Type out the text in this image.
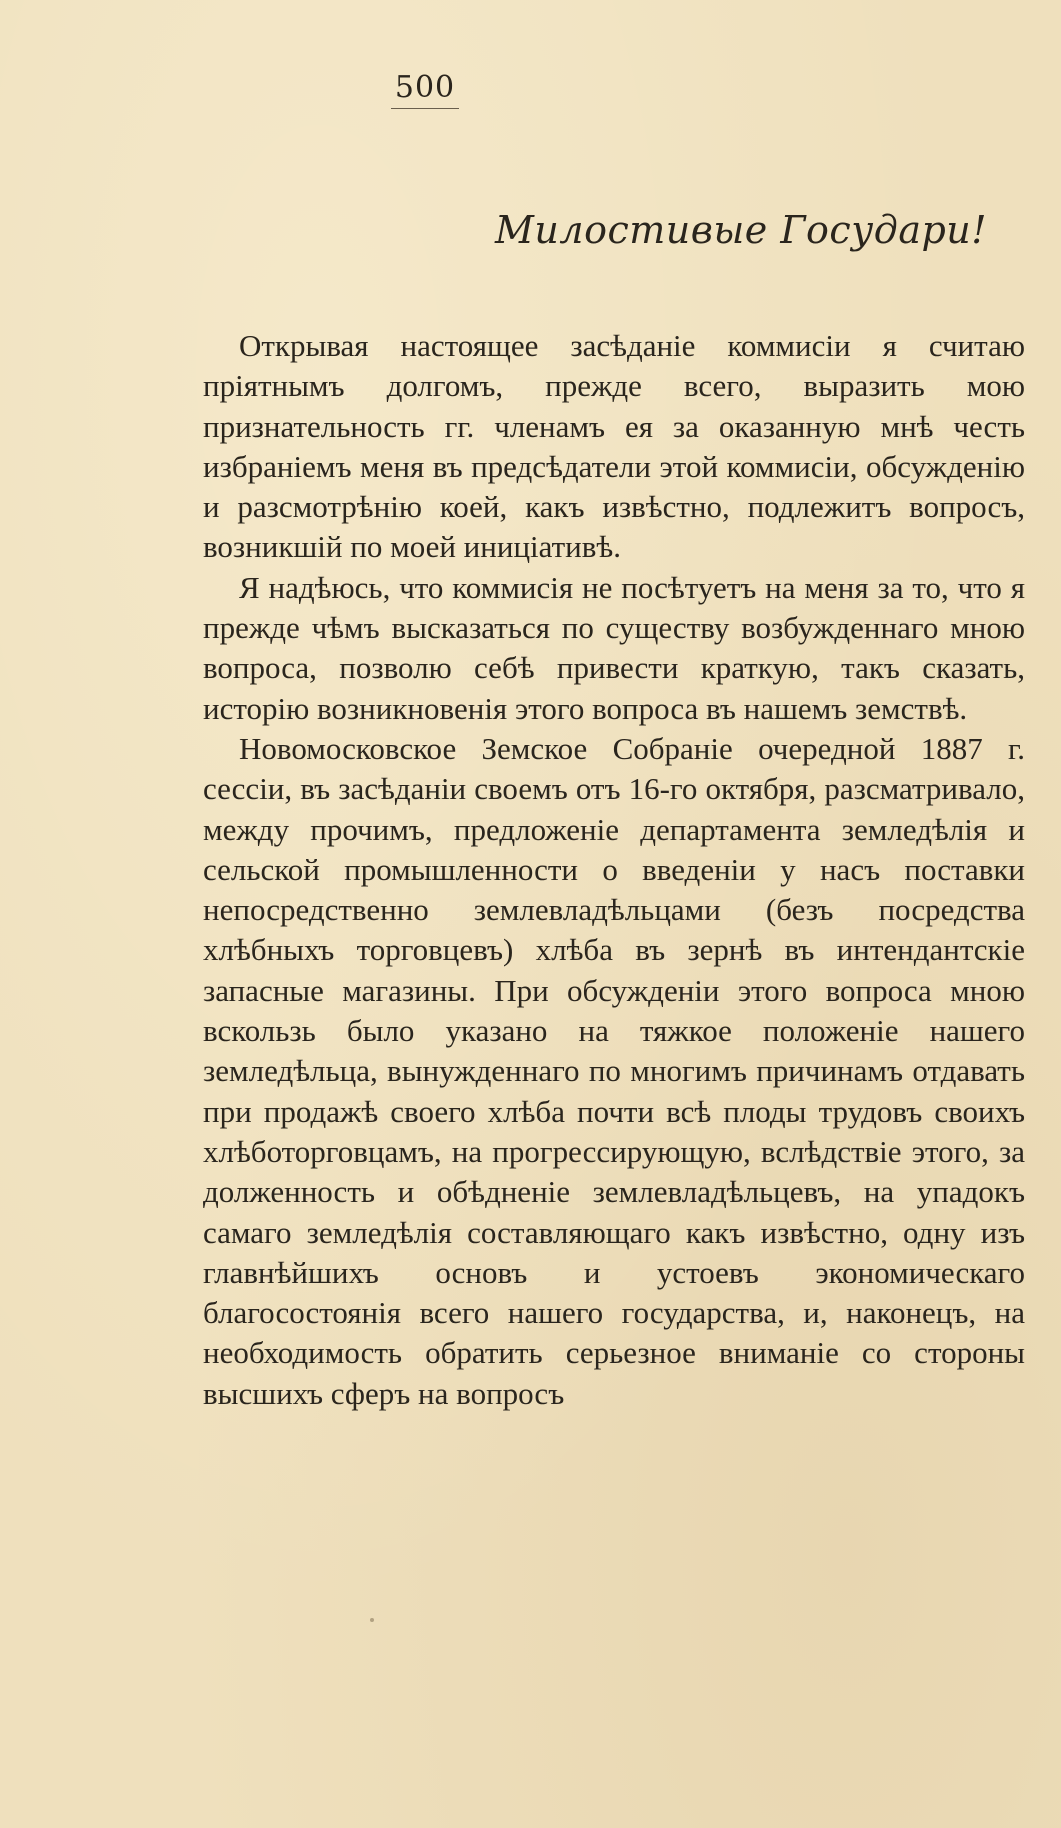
500
Милостивые Государи!

Открывая настоящее засѣданіе коммисіи я считаю пріятнымъ долгомъ, прежде всего, выразить мою признательность гг. членамъ ея за оказанную мнѣ честь избраніемъ меня въ предсѣдатели этой коммисіи, обсужденію и разсмотрѣнію коей, какъ извѣстно, подлежитъ вопросъ, возникшій по моей иниціативѣ.

Я надѣюсь, что коммисія не посѣтуетъ на меня за то, что я прежде чѣмъ высказаться по существу возбужденнаго мною вопроса, позволю себѣ привести краткую, такъ сказать, исторію возникновенія этого вопроса въ нашемъ земствѣ.

Новомосковское Земское Собраніе очередной 1887 г. сессіи, въ засѣданіи своемъ отъ 16-го октября, разсматривало, между прочимъ, предложеніе департамента земледѣлія и сельской промышленности о введеніи у насъ поставки непосредственно землевладѣльцами (безъ посредства хлѣбныхъ торговцевъ) хлѣба въ зернѣ въ интендантскіе запасные магазины. При обсужденіи этого вопроса мною вскользь было указано на тяжкое положеніе нашего земледѣльца, вынужденнаго по многимъ причинамъ отдавать при продажѣ своего хлѣба почти всѣ плоды трудовъ своихъ хлѣботорговцамъ, на прогрессирующую, вслѣдствіе этого, за долженность и обѣдненіе землевладѣльцевъ, на упадокъ самаго земледѣлія составляющаго какъ извѣстно, одну изъ главнѣйшихъ основъ и устоевъ экономическаго благосостоянія всего нашего государства, и, наконецъ, на необходимость обратить серьезное вниманіе со стороны высшихъ сферъ на вопросъ
